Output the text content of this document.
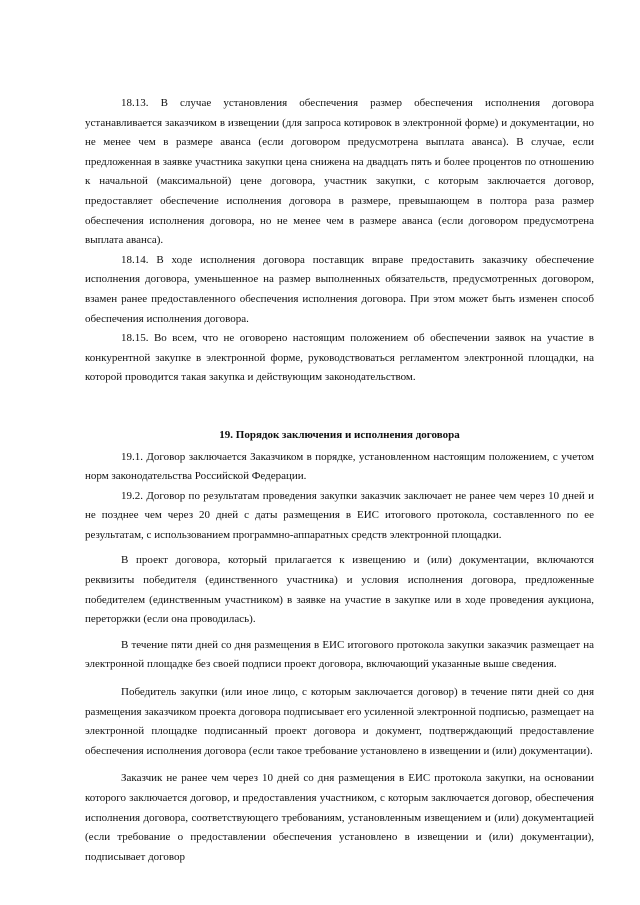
18.13. В случае установления обеспечения размер обеспечения исполнения договора устанавливается заказчиком в извещении (для запроса котировок в электронной форме) и документации, но не менее чем в размере аванса (если договором предусмотрена выплата аванса). В случае, если предложенная в заявке участника закупки цена снижена на двадцать пять и более процентов по отношению к начальной (максимальной) цене договора, участник закупки, с которым заключается договор, предоставляет обеспечение исполнения договора в размере, превышающем в полтора раза размер обеспечения исполнения договора, но не менее чем в размере аванса (если договором предусмотрена выплата аванса).

18.14. В ходе исполнения договора поставщик вправе предоставить заказчику обеспечение исполнения договора, уменьшенное на размер выполненных обязательств, предусмотренных договором, взамен ранее предоставленного обеспечения исполнения договора. При этом может быть изменен способ обеспечения исполнения договора.

18.15. Во всем, что не оговорено настоящим положением об обеспечении заявок на участие в конкурентной закупке в электронной форме, руководствоваться регламентом электронной площадки, на которой проводится такая закупка и действующим законодательством.

19. Порядок заключения и исполнения договора

19.1. Договор заключается Заказчиком в порядке, установленном настоящим положением, с учетом норм законодательства Российской Федерации.

19.2. Договор по результатам проведения закупки заказчик заключает не ранее чем через 10 дней и не позднее чем через 20 дней с даты размещения в ЕИС итогового протокола, составленного по ее результатам, с использованием программно-аппаратных средств электронной площадки.

В проект договора, который прилагается к извещению и (или) документации, включаются реквизиты победителя (единственного участника) и условия исполнения договора, предложенные победителем (единственным участником) в заявке на участие в закупке или в ходе проведения аукциона, переторжки (если она проводилась).

В течение пяти дней со дня размещения в ЕИС итогового протокола закупки заказчик размещает на электронной площадке без своей подписи проект договора, включающий указанные выше сведения.

Победитель закупки (или иное лицо, с которым заключается договор) в течение пяти дней со дня размещения заказчиком проекта договора подписывает его усиленной электронной подписью, размещает на электронной площадке подписанный проект договора и документ, подтверждающий предоставление обеспечения исполнения договора (если такое требование установлено в извещении и (или) документации).

Заказчик не ранее чем через 10 дней со дня размещения в ЕИС протокола закупки, на основании которого заключается договор, и предоставления участником, с которым заключается договор, обеспечения исполнения договора, соответствующего требованиям, установленным извещением и (или) документацией (если требование о предоставлении обеспечения установлено в извещении и (или) документации), подписывает договор
